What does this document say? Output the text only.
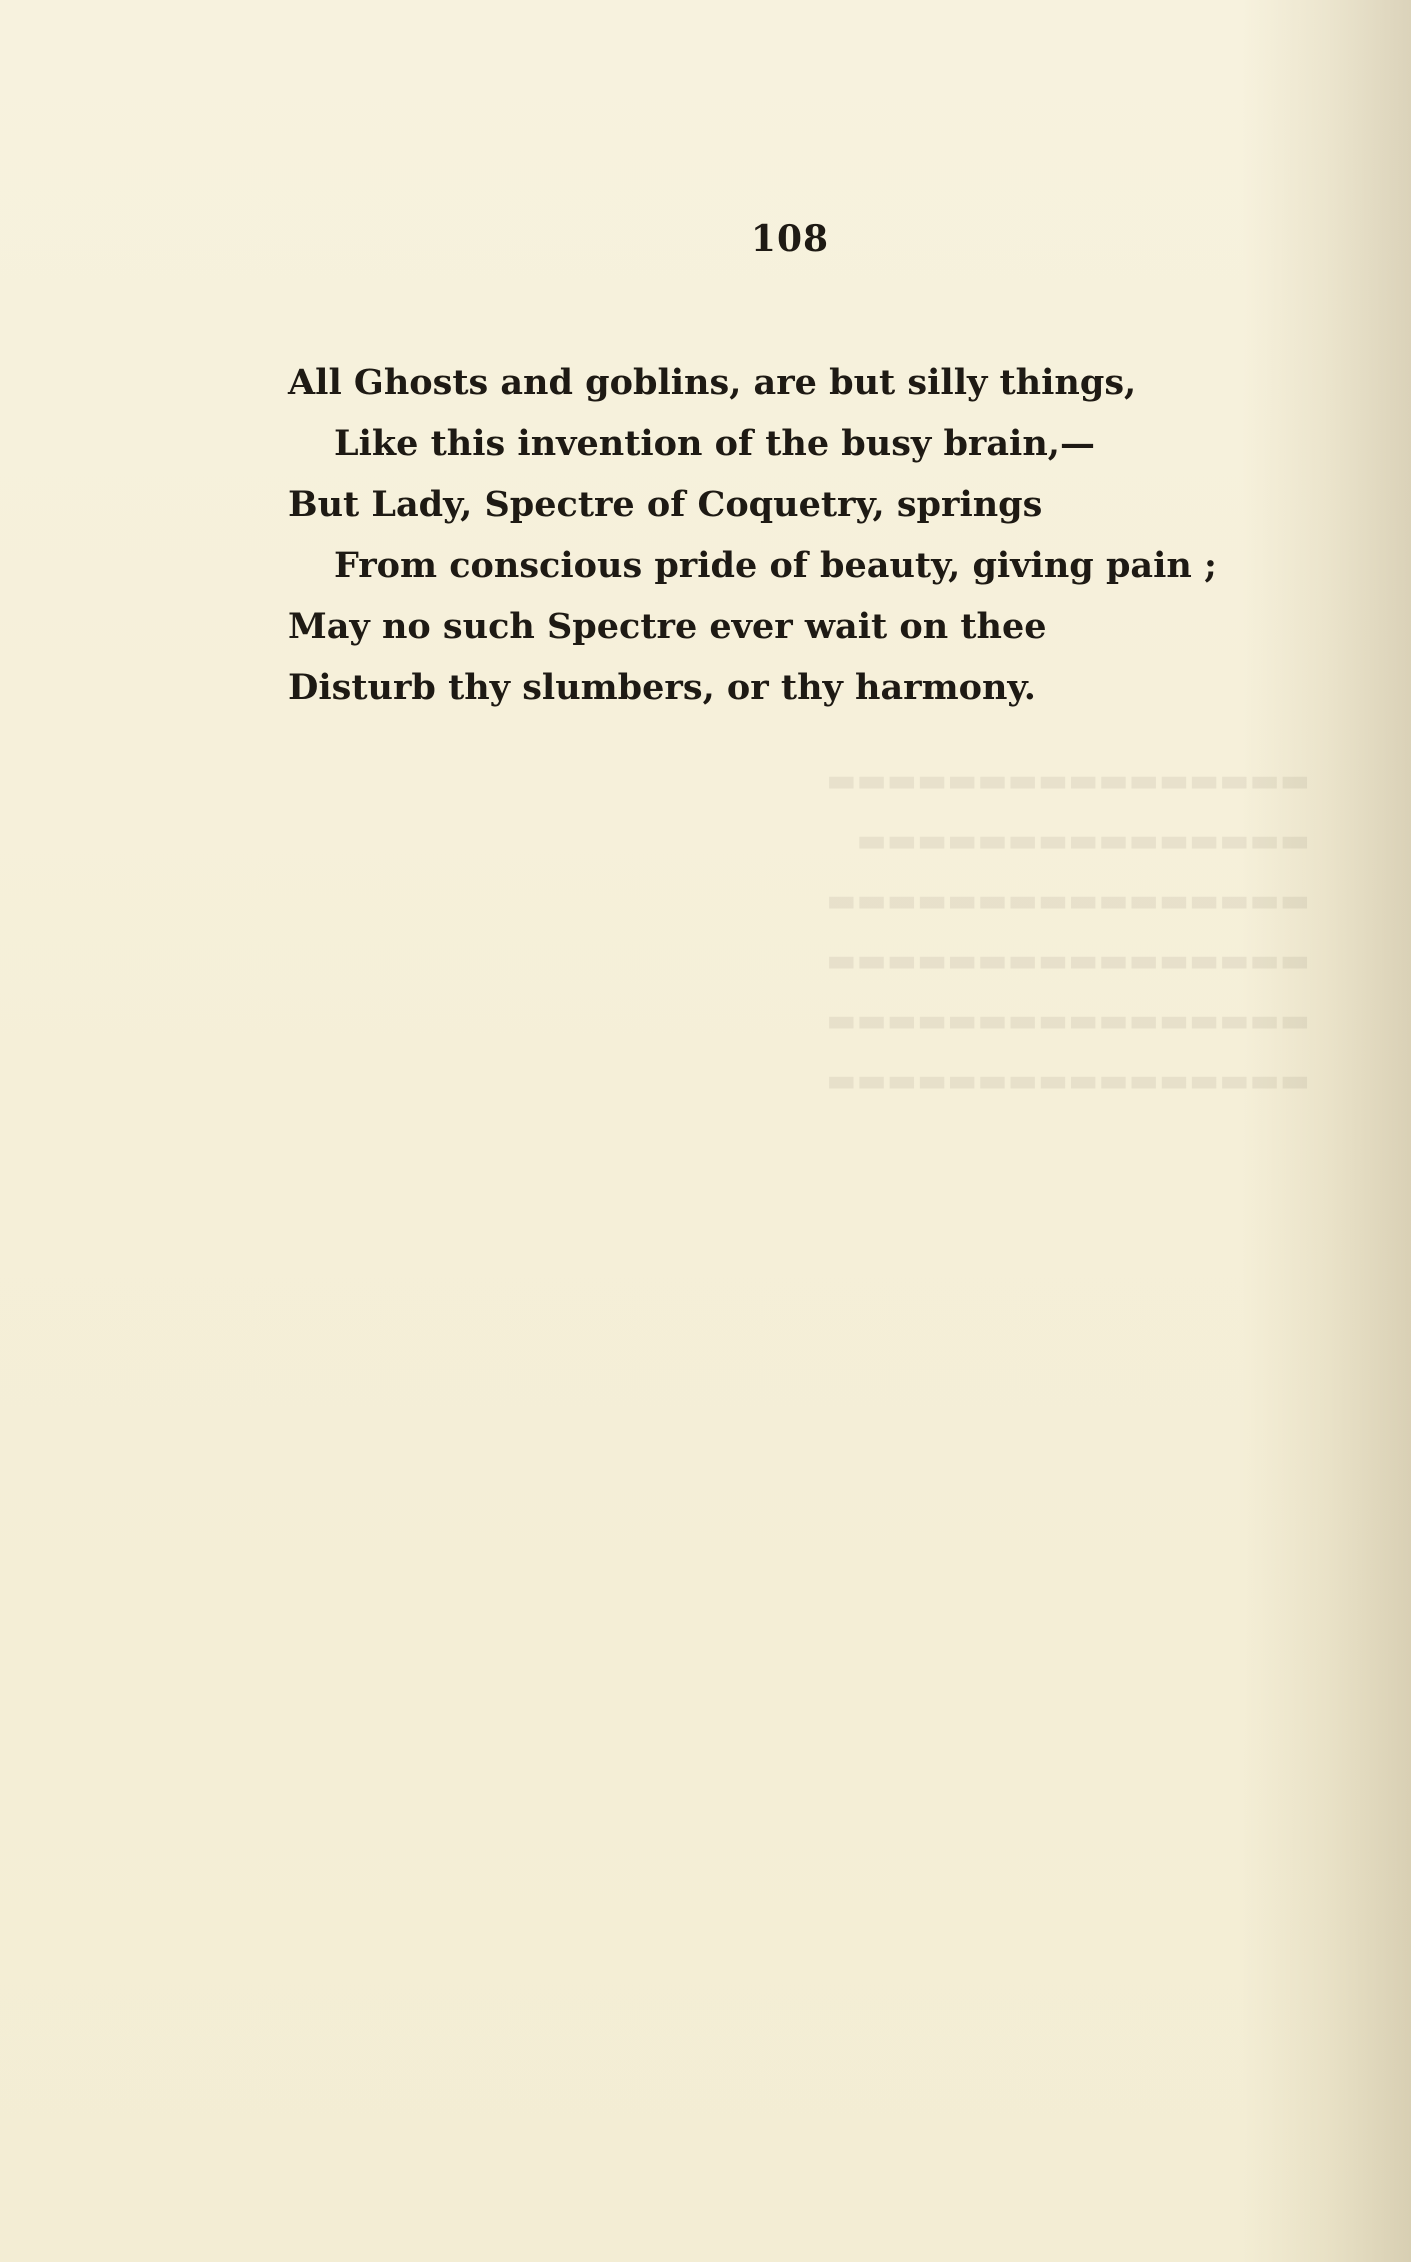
108
All Ghosts and goblins, are but silly things,
Like this invention of the busy brain,—
But Lady, Spectre of Coquetry, springs
From conscious pride of beauty, giving pain ;
May no such Spectre ever wait on thee
Disturb thy slumbers, or thy harmony.
▬▬▬▬▬▬▬▬▬▬▬▬▬▬▬▬
▬▬▬▬▬▬▬▬▬▬▬▬▬▬▬
▬▬▬▬▬▬▬▬▬▬▬▬▬▬▬▬
▬▬▬▬▬▬▬▬▬▬▬▬▬▬▬▬
▬▬▬▬▬▬▬▬▬▬▬▬▬▬▬▬
▬▬▬▬▬▬▬▬▬▬▬▬▬▬▬▬
